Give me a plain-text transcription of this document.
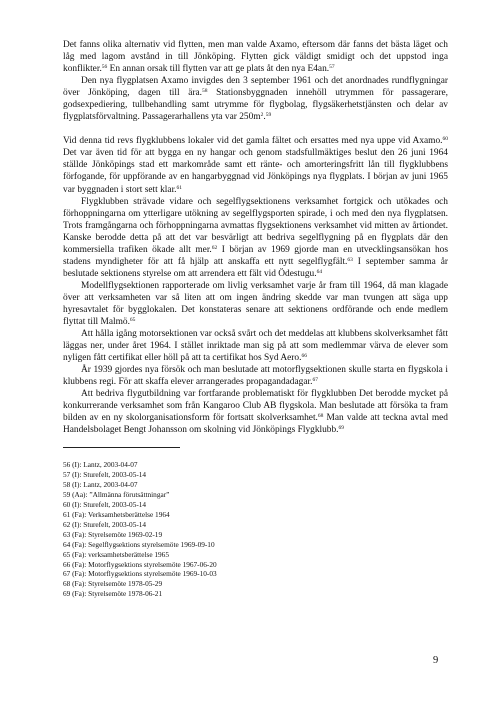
Det fanns olika alternativ vid flytten, men man valde Axamo, eftersom där fanns det bästa läget och låg med lagom avstånd in till Jönköping. Flytten gick väldigt smidigt och det uppstod inga konflikter.$^{56}$ En annan orsak till flytten var att ge plats åt den nya E4an.$^{57}$

Den nya flygplatsen Axamo invigdes den 3 september 1961 och det anordnades rundflygningar över Jönköping, dagen till ära.$^{58}$ Stationsbyggnaden innehöll utrymmen för passagerare, godsexpediering, tullbehandling samt utrymme för flygbolag, flygsäkerhetstjänsten och delar av flygplatsförvaltning. Passagerarhallens yta var $250m^2.^{59}$

Vid denna tid revs flygklubbens lokaler vid det gamla fältet och ersattes med nya uppe vid Axamo.$^{60}$ Det var även tid för att bygga en ny hangar och genom stadsfullmäktiges beslut den 26 juni 1964 ställde Jönköpings stad ett markområde samt ett ränte- och amorteringsfritt lån till flygklubbens förfogande, för uppförande av en hangarbyggnad vid Jönköpings nya flygplats. I början av juni 1965 var byggnaden i stort sett klar.$^{61}$

Flygklubben strävade vidare och segelflygsektionens verksamhet fortgick och utökades och förhoppningarna om ytterligare utökning av segelflygsporten spirade, i och med den nya flygplatsen. Trots framgångarna och förhoppningarna avmattas flygsektionens verksamhet vid mitten av årtiondet. Kanske berodde detta på att det var besvärligt att bedriva segelflygning på en flygplats där den kommersiella trafiken ökade allt mer.$^{62}$ I början av 1969 gjorde man en utvecklingsansökan hos stadens myndigheter för att få hjälp att anskaffa ett nytt segelflygfält.$^{63}$ I september samma år beslutade sektionens styrelse om att arrendera ett fält vid Ödestugu.$^{64}$

Modellflygsektionen rapporterade om livlig verksamhet varje år fram till 1964, då man klagade över att verksamheten var så liten att om ingen ändring skedde var man tvungen att säga upp hyresavtalet för bygglokalen. Det konstateras senare att sektionens ordförande och ende medlem flyttat till Malmö.$^{65}$

Att hålla igång motorsektionen var också svårt och det meddelas att klubbens skolverksamhet fått läggas ner, under året 1964. I stället inriktade man sig på att som medlemmar värva de elever som nyligen fått certifikat eller höll på att ta certifikat hos Syd Aero.$^{66}$

År 1939 gjordes nya försök och man beslutade att motorflygsektionen skulle starta en flygskola i klubbens regi. För att skaffa elever arrangerades propagandadagar.$^{67}$

Att bedriva flygutbildning var fortfarande problematiskt för flygklubben Det berodde mycket på konkurrerande verksamhet som från Kangaroo Club AB flygskola. Man beslutade att försöka ta fram bilden av en ny skolorganisationsform för fortsatt skolverksamhet.$^{68}$ Man valde att teckna avtal med Handelsbolaget Bengt Johansson om skolning vid Jönköpings Flygklubb.$^{69}$

56 (I): Lantz, 2003-04-07
57 (I): Sturefelt, 2003-05-14
58 (I): Lantz, 2003-04-07
59 (Aa): ”Allmänna förutsättningar”
60 (I): Sturefelt, 2003-05-14
61 (Fa): Verksamhetsberättelse 1964
62 (I): Sturefelt, 2003-05-14
63 (Fa): Styrelsemöte 1969-02-19
64 (Fa): Segelflygsektions styrelsemöte 1969-09-10
65 (Fa): verksamhetsberättelse 1965
66 (Fa): Motorflygsektions styrelsemöte 1967-06-20
67 (Fa): Motorflygsektions styrelsemöte 1969-10-03
68 (Fa): Styrelsemöte 1978-05-29
69 (Fa): Styrelsemöte 1978-06-21
9
